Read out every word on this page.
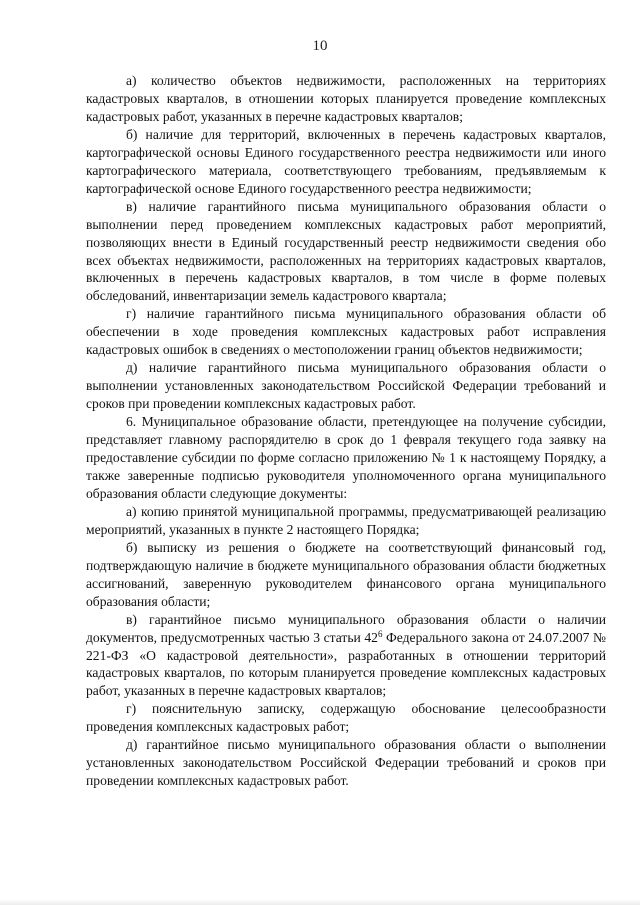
10

а) количество объектов недвижимости, расположенных на территориях кадастровых кварталов, в отношении которых планируется проведение комплексных кадастровых работ, указанных в перечне кадастровых кварталов;

б) наличие для территорий, включенных в перечень кадастровых кварталов, картографической основы Единого государственного реестра недвижимости или иного картографического материала, соответствующего требованиям, предъявляемым к картографической основе Единого государственного реестра недвижимости;

в) наличие гарантийного письма муниципального образования области о выполнении перед проведением комплексных кадастровых работ мероприятий, позволяющих внести в Единый государственный реестр недвижимости сведения обо всех объектах недвижимости, расположенных на территориях кадастровых кварталов, включенных в перечень кадастровых кварталов, в том числе в форме полевых обследований, инвентаризации земель кадастрового квартала;

г) наличие гарантийного письма муниципального образования области об обеспечении в ходе проведения комплексных кадастровых работ исправления кадастровых ошибок в сведениях о местоположении границ объектов недвижимости;

д) наличие гарантийного письма муниципального образования области о выполнении установленных законодательством Российской Федерации требований и сроков при проведении комплексных кадастровых работ.

6. Муниципальное образование области, претендующее на получение субсидии, представляет главному распорядителю в срок до 1 февраля текущего года заявку на предоставление субсидии по форме согласно приложению № 1 к настоящему Порядку, а также заверенные подписью руководителя уполномоченного органа муниципального образования области следующие документы:

а) копию принятой муниципальной программы, предусматривающей реализацию мероприятий, указанных в пункте 2 настоящего Порядка;

б) выписку из решения о бюджете на соответствующий финансовый год, подтверждающую наличие в бюджете муниципального образования области бюджетных ассигнований, заверенную руководителем финансового органа муниципального образования области;

в) гарантийное письмо муниципального образования области о наличии документов, предусмотренных частью 3 статьи $42^6$ Федерального закона от 24.07.2007 № 221-ФЗ «О кадастровой деятельности», разработанных в отношении территорий кадастровых кварталов, по которым планируется проведение комплексных кадастровых работ, указанных в перечне кадастровых кварталов;

г) пояснительную записку, содержащую обоснование целесообразности проведения комплексных кадастровых работ;

д) гарантийное письмо муниципального образования области о выполнении установленных законодательством Российской Федерации требований и сроков при проведении комплексных кадастровых работ.
